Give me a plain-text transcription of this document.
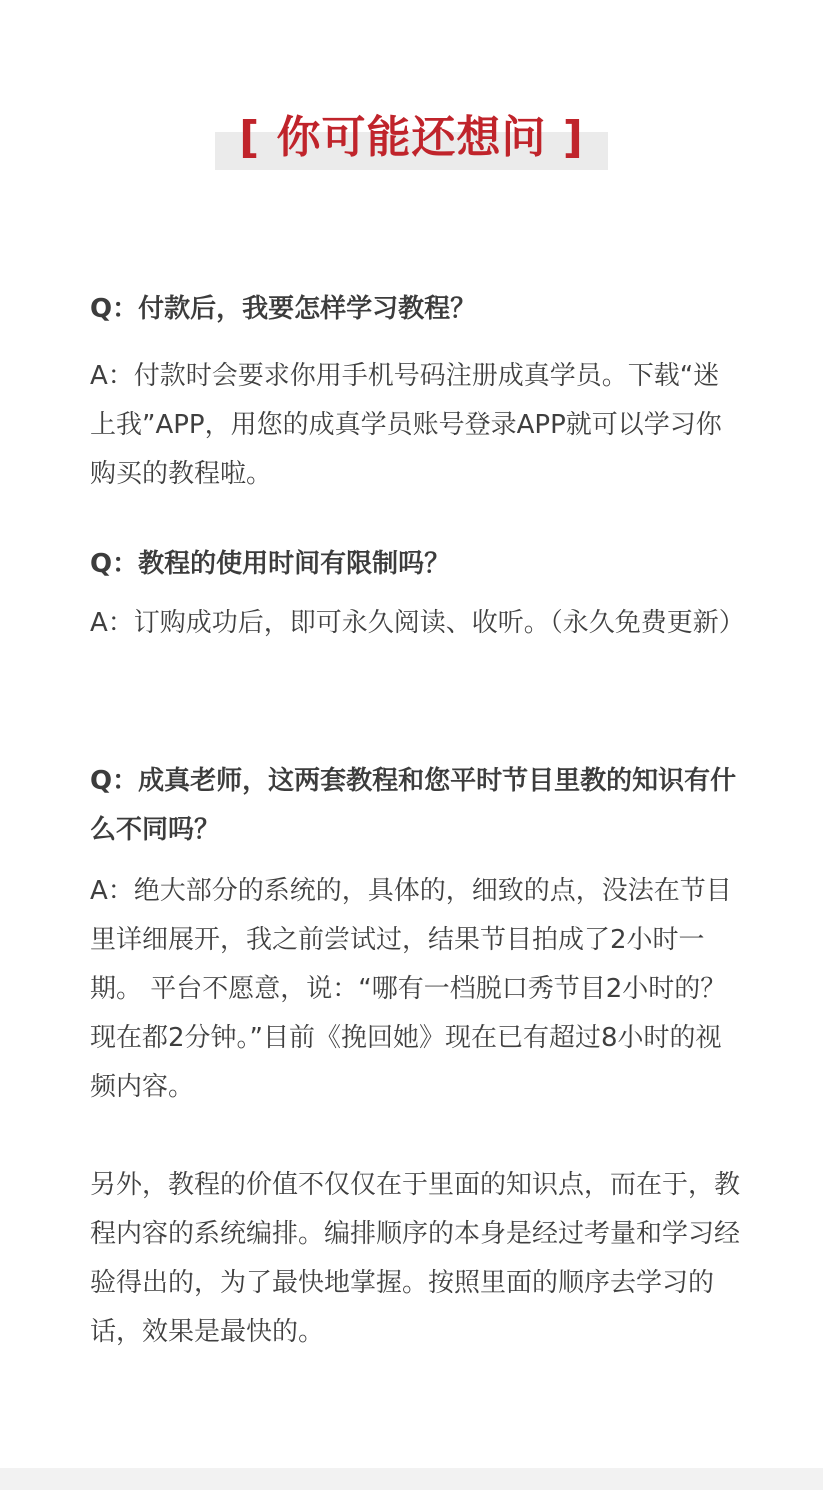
[ 你可能还想问 ]

Q：付款后，我要怎样学习教程？

A：付款时会要求你用手机号码注册成真学员。下载“迷上我”APP，用您的成真学员账号登录APP就可以学习你购买的教程啦。

Q：教程的使用时间有限制吗？

A：订购成功后，即可永久阅读、收听。（永久免费更新）

Q：成真老师，这两套教程和您平时节目里教的知识有什么不同吗？

A：绝大部分的系统的，具体的，细致的点，没法在节目里详细展开，我之前尝试过，结果节目拍成了2小时一期。 平台不愿意，说：“哪有一档脱口秀节目2小时的？现在都2分钟。”目前《挽回她》现在已有超过8小时的视频内容。

另外，教程的价值不仅仅在于里面的知识点，而在于，教程内容的系统编排。编排顺序的本身是经过考量和学习经验得出的，为了最快地掌握。按照里面的顺序去学习的话，效果是最快的。
